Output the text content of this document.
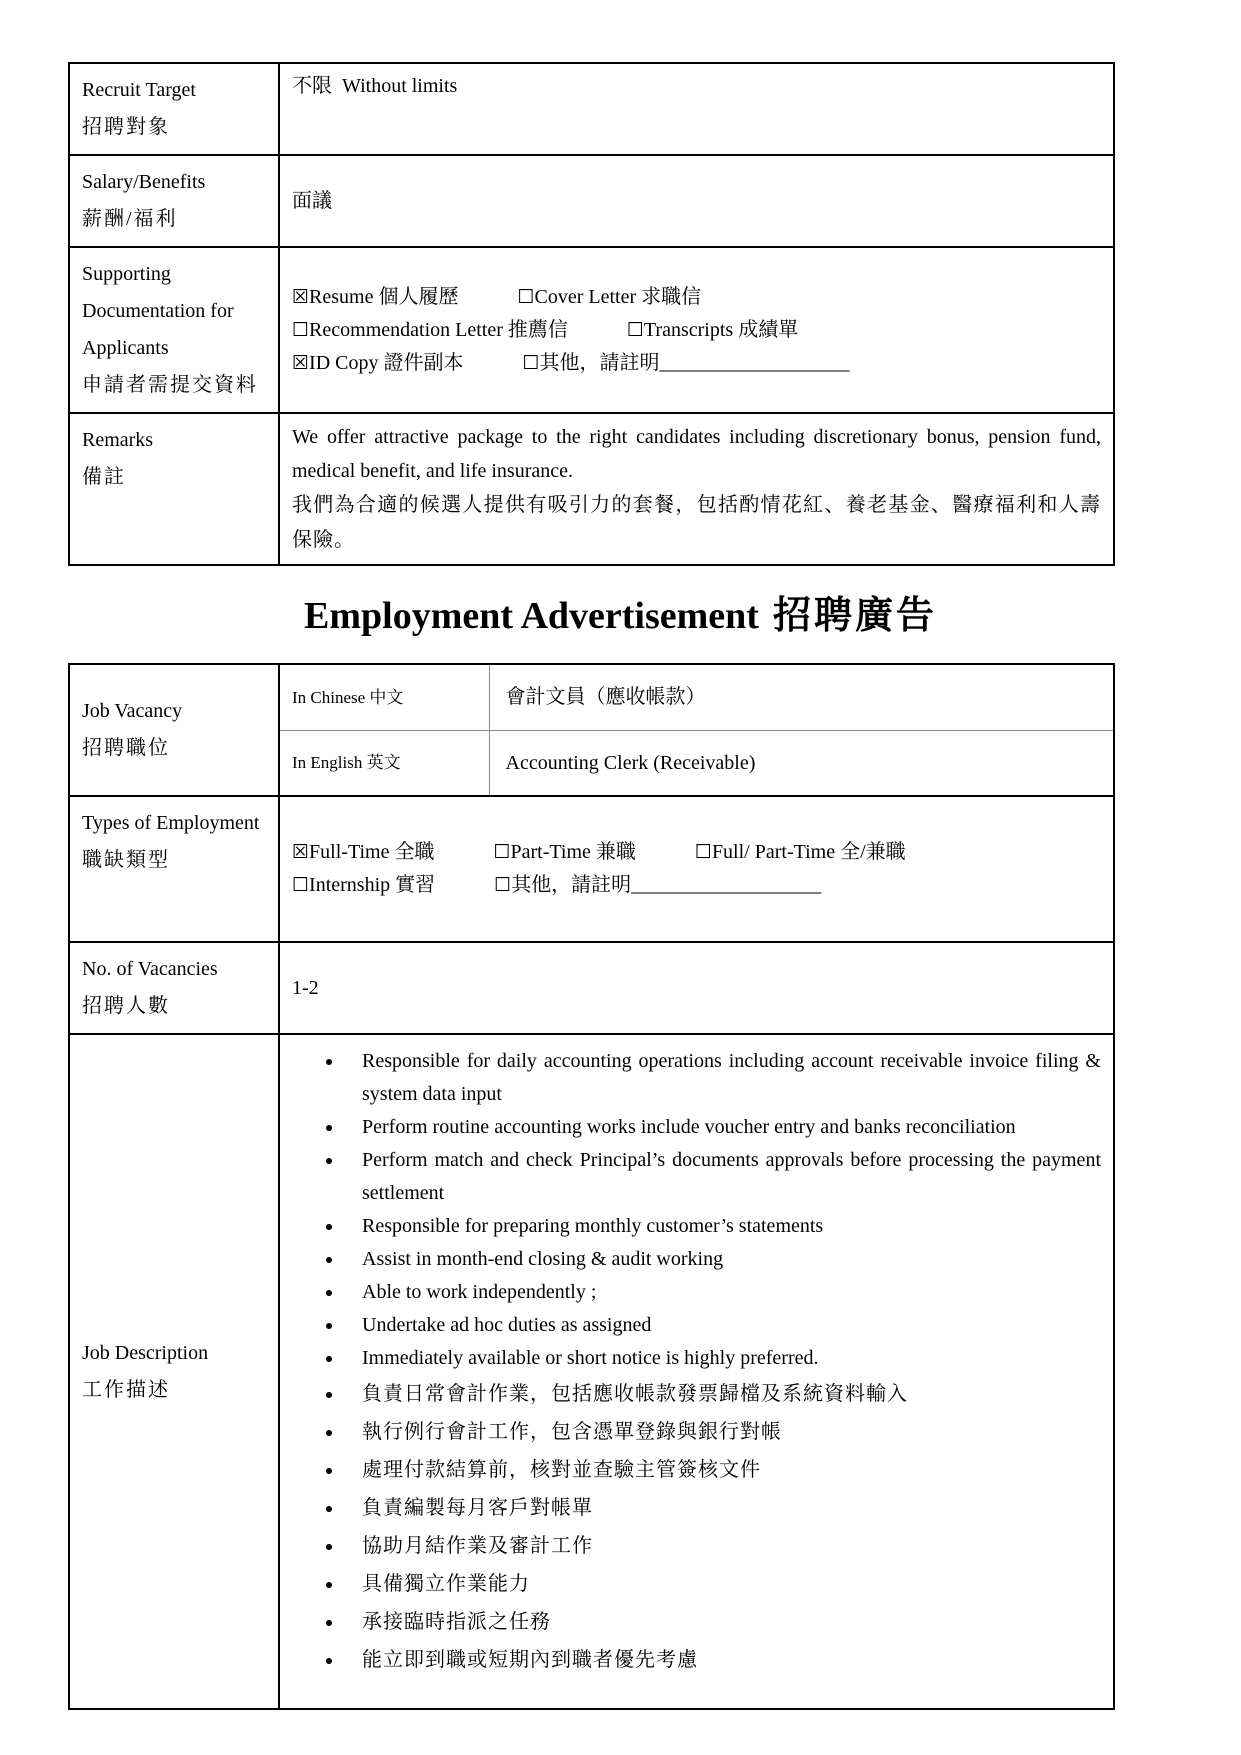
Recruit Target
招聘對象	不限  Without limits

Salary/Benefits
薪酬/福利	面議

Supporting Documentation for Applicants
申請者需提交資料

☒Resume 個人履歷	☐Cover Letter 求職信
☐Recommendation Letter 推薦信	☐Transcripts 成績單
☒ID Copy 證件副本	☐其他，請註明___________________

Remarks
備註

We offer attractive package to the right candidates including discretionary bonus, pension fund, medical benefit, and life insurance.

我們為合適的候選人提供有吸引力的套餐，包括酌情花紅、養老基金、醫療福利和人壽保險。

Employment Advertisement 招聘廣告
Job Vacancy
招聘職位	In Chinese 中文	會計文員（應收帳款）
	In English 英文	Accounting Clerk (Receivable)

Types of Employment
職缺類型	☒Full-Time 全職	☐Part-Time 兼職	☐Full/ Part-Time 全/兼職
☐Internship 實習	☐其他，請註明___________________

No. of Vacancies
招聘人數	1-2	

Job Description
工作描述

• Responsible for daily accounting operations including account receivable invoice filing & system data input
• Perform routine accounting works include voucher entry and banks reconciliation
• Perform match and check Principal’s documents approvals before processing the payment settlement
• Responsible for preparing monthly customer’s statements
• Assist in month-end closing & audit working
• Able to work independently ;
• Undertake ad hoc duties as assigned
• Immediately available or short notice is highly preferred.
• 負責日常會計作業，包括應收帳款發票歸檔及系統資料輸入
• 執行例行會計工作，包含憑單登錄與銀行對帳
• 處理付款結算前，核對並查驗主管簽核文件
• 負責編製每月客戶對帳單
• 協助月結作業及審計工作
• 具備獨立作業能力
• 承接臨時指派之任務
• 能立即到職或短期內到職者優先考慮
